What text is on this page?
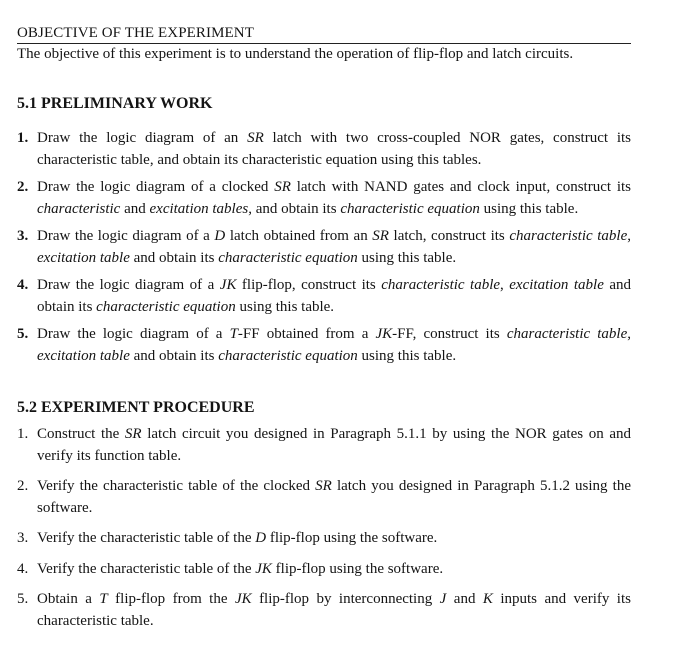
OBJECTIVE OF THE EXPERIMENT
The objective of this experiment is to understand the operation of flip-flop and latch circuits.
5.1 PRELIMINARY WORK
1. Draw the logic diagram of an SR latch with two cross-coupled NOR gates, construct its characteristic table, and obtain its characteristic equation using this tables.
2. Draw the logic diagram of a clocked SR latch with NAND gates and clock input, construct its characteristic and excitation tables, and obtain its characteristic equation using this table.
3. Draw the logic diagram of a D latch obtained from an SR latch, construct its characteristic table, excitation table and obtain its characteristic equation using this table.
4. Draw the logic diagram of a JK flip-flop, construct its characteristic table, excitation table and obtain its characteristic equation using this table.
5. Draw the logic diagram of a T-FF obtained from a JK-FF, construct its characteristic table, excitation table and obtain its characteristic equation using this table.
5.2 EXPERIMENT PROCEDURE
1. Construct the SR latch circuit you designed in Paragraph 5.1.1 by using the NOR gates on and verify its function table.
2. Verify the characteristic table of the clocked SR latch you designed in Paragraph 5.1.2 using the software.
3. Verify the characteristic table of the D flip-flop using the software.
4. Verify the characteristic table of the JK flip-flop using the software.
5. Obtain a T flip-flop from the JK flip-flop by interconnecting J and K inputs and verify its characteristic table.
